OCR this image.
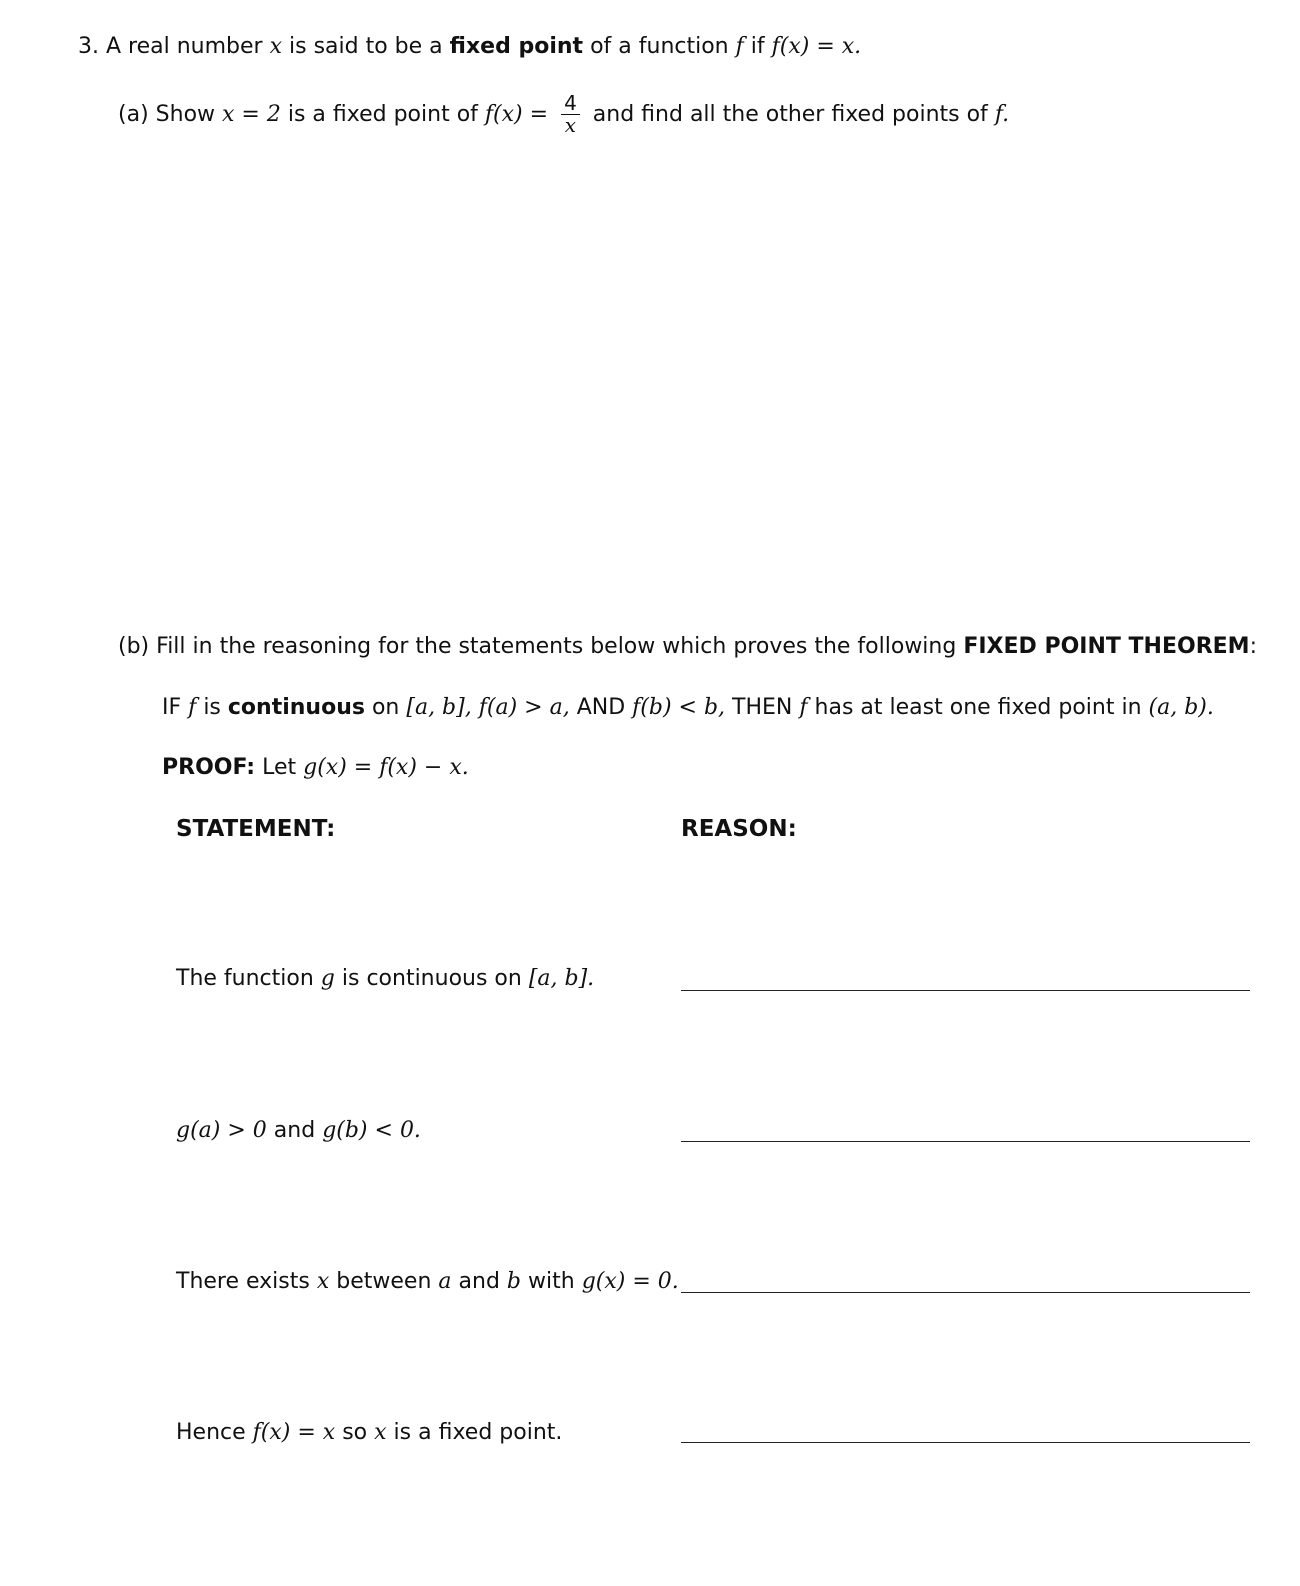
3. A real number x is said to be a fixed point of a function f if f(x) = x.
(a) Show x = 2 is a fixed point of $f(x) = \frac{4}{x}$ and find all the other fixed points of f.
(b) Fill in the reasoning for the statements below which proves the following FIXED POINT THEOREM:
IF f is continuous on [a, b], f(a) > a, AND f(b) < b, THEN f has at least one fixed point in (a, b).
PROOF: Let g(x) = f(x) − x.
STATEMENT:	REASON:
The function g is continuous on [a, b].
g(a) > 0 and g(b) < 0.
There exists x between a and b with g(x) = 0.
Hence f(x) = x so x is a fixed point.
